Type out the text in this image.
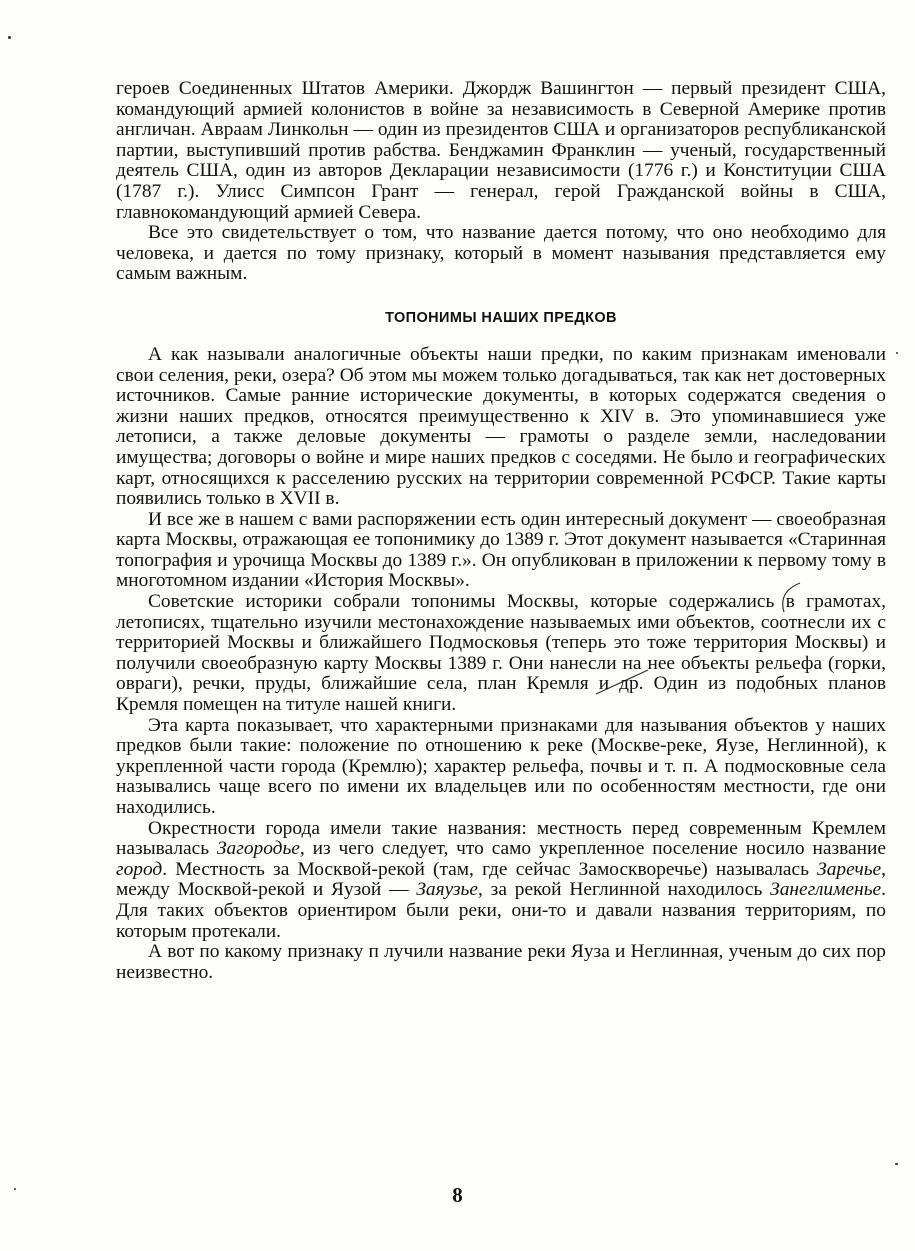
героев Соединенных Штатов Америки. Джордж Вашингтон — первый президент США, командующий армией колонистов в войне за независимость в Северной Америке против англичан. Авраам Линкольн — один из президентов США и организаторов республиканской партии, выступивший против рабства. Бенджамин Франклин — ученый, государственный деятель США, один из авторов Декларации независимости (1776 г.) и Конституции США (1787 г.). Улисс Симпсон Грант — генерал, герой Гражданской войны в США, главнокомандующий армией Севера.

Все это свидетельствует о том, что название дается потому, что оно необходимо для человека, и дается по тому признаку, который в момент называния представляется ему самым важным.

ТОПОНИМЫ НАШИХ ПРЕДКОВ

А как называли аналогичные объекты наши предки, по каким признакам именовали свои селения, реки, озера? Об этом мы можем только догадываться, так как нет достоверных источников. Самые ранние исторические документы, в которых содержатся сведения о жизни наших предков, относятся преимущественно к XIV в. Это упоминавшиеся уже летописи, а также деловые документы — грамоты о разделе земли, наследовании имущества; договоры о войне и мире наших предков с соседями. Не было и географических карт, относящихся к расселению русских на территории современной РСФСР. Такие карты появились только в XVII в.

И все же в нашем с вами распоряжении есть один интересный документ — своеобразная карта Москвы, отражающая ее топонимику до 1389 г. Этот документ называется «Старинная топография и урочища Москвы до 1389 г.». Он опубликован в приложении к первому тому в многотомном издании «История Москвы».

Советские историки собрали топонимы Москвы, которые содержались в грамотах, летописях, тщательно изучили местонахождение называемых ими объектов, соотнесли их с территорией Москвы и ближайшего Подмосковья (теперь это тоже территория Москвы) и получили своеобразную карту Москвы 1389 г. Они нанесли на нее объекты рельефа (горки, овраги), речки, пруды, ближайшие села, план Кремля и др. Один из подобных планов Кремля помещен на титуле нашей книги.

Эта карта показывает, что характерными признаками для называния объектов у наших предков были такие: положение по отношению к реке (Москве-реке, Яузе, Неглинной), к укрепленной части города (Кремлю); характер рельефа, почвы и т. п. А подмосковные села назывались чаще всего по имени их владельцев или по особенностям местности, где они находились.

Окрестности города имели такие названия: местность перед современным Кремлем называлась Загородье, из чего следует, что само укрепленное поселение носило название город. Местность за Москвой-рекой (там, где сейчас Замоскворечье) называлась Заречье, между Москвой-рекой и Яузой — Заяузье, за рекой Неглинной находилось Занеглименье. Для таких объектов ориентиром были реки, они-то и давали названия территориям, по которым протекали.

А вот по какому признаку п лучили название реки Яуза и Неглинная, ученым до сих пор неизвестно.

8
